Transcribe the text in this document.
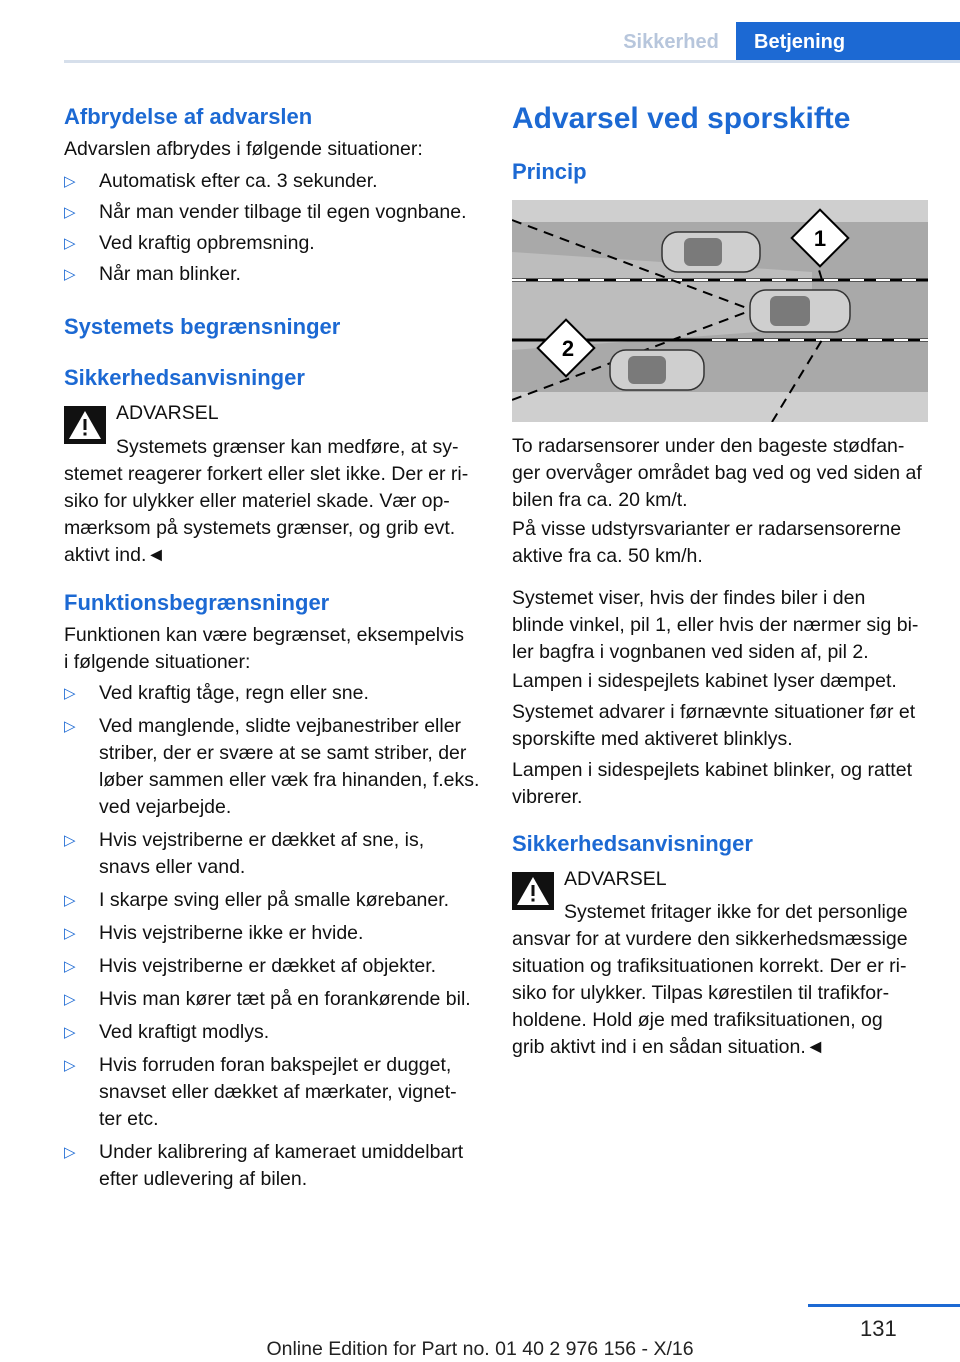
Sikkerhed	Betjening
Afbrydelse af advarslen
Advarslen afbrydes i følgende situationer:
▷ Automatisk efter ca. 3 sekunder.
▷ Når man vender tilbage til egen vognbane.
▷ Ved kraftig opbremsning.
▷ Når man blinker.
Systemets begrænsninger
Sikkerhedsanvisninger
ADVARSEL
Systemets grænser kan medføre, at sy-
stemet reagerer forkert eller slet ikke. Der er ri-
siko for ulykker eller materiel skade. Vær op-
mærksom på systemets grænser, og grib evt.
aktivt ind.◄
Funktionsbegrænsninger
Funktionen kan være begrænset, eksempelvis
i følgende situationer:
▷ Ved kraftig tåge, regn eller sne.
▷ Ved manglende, slidte vejbanestriber eller
striber, der er svære at se samt striber, der
løber sammen eller væk fra hinanden, f.eks.
ved vejarbejde.
▷ Hvis vejstriberne er dækket af sne, is,
snavs eller vand.
▷ I skarpe sving eller på smalle kørebaner.
▷ Hvis vejstriberne ikke er hvide.
▷ Hvis vejstriberne er dækket af objekter.
▷ Hvis man kører tæt på en forankørende bil.
▷ Ved kraftigt modlys.
▷ Hvis forruden foran bakspejlet er dugget,
snavset eller dækket af mærkater, vignet-
ter etc.
▷ Under kalibrering af kameraet umiddelbart
efter udlevering af bilen.
Advarsel ved sporskifte
Princip
1
2
To radarsensorer under den bageste stødfan-
ger overvåger området bag ved og ved siden af
bilen fra ca. 20 km/t.
På visse udstyrsvarianter er radarsensorerne
aktive fra ca. 50 km/h.
Systemet viser, hvis der findes biler i den
blinde vinkel, pil 1, eller hvis der nærmer sig bi-
ler bagfra i vognbanen ved siden af, pil 2.
Lampen i sidespejlets kabinet lyser dæmpet.
Systemet advarer i førnævnte situationer før et
sporskifte med aktiveret blinklys.
Lampen i sidespejlets kabinet blinker, og rattet
vibrerer.
Sikkerhedsanvisninger
ADVARSEL
Systemet fritager ikke for det personlige
ansvar for at vurdere den sikkerhedsmæssige
situation og trafiksituationen korrekt. Der er ri-
siko for ulykker. Tilpas kørestilen til trafikfor-
holdene. Hold øje med trafiksituationen, og
grib aktivt ind i en sådan situation.◄
131
Online Edition for Part no. 01 40 2 976 156 - X/16
